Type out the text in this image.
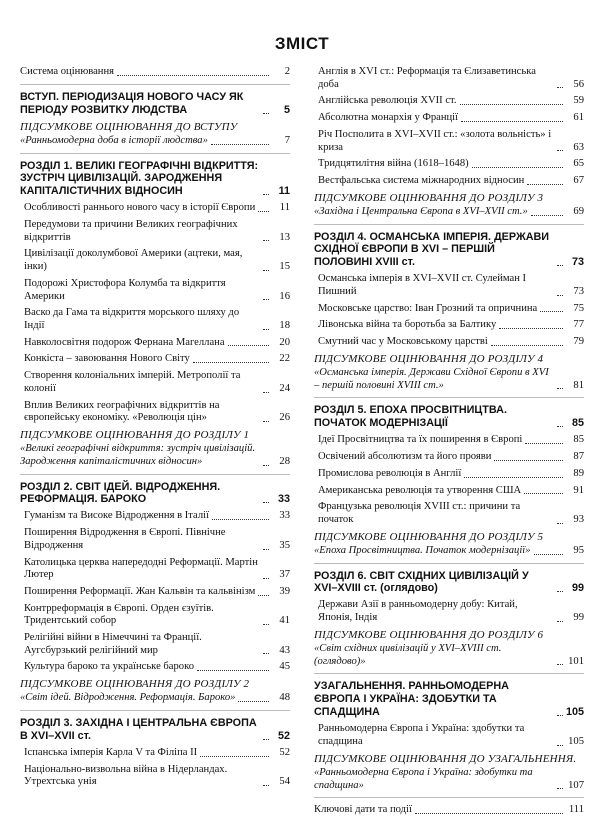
ЗМІСТ
Система оцінювання	2
ВСТУП. ПЕРІОДИЗАЦІЯ НОВОГО ЧАСУ ЯК ПЕРІОДУ РОЗВИТКУ ЛЮДСТВА	5
ПІДСУМКОВЕ ОЦІНЮВАННЯ ДО ВСТУПУ
«Ранньомодерна доба в історії людства»	7
РОЗДІЛ 1. ВЕЛИКІ ГЕОГРАФІЧНІ ВІДКРИТТЯ: ЗУСТРІЧ ЦИВІЛІЗАЦІЙ. ЗАРОДЖЕННЯ КАПІТАЛІСТИЧНИХ ВІДНОСИН	11
Особливості раннього нового часу в історії Європи	11
Передумови та причини Великих географічних відкриттів	13
Цивілізації доколумбової Америки (ацтеки, мая, інки)	15
Подорожі Христофора Колумба та відкриття Америки	16
Васко да Гама та відкриття морського шляху до Індії	18
Навколосвітня подорож Фернана Магеллана	20
Конкіста – завоювання Нового Світу	22
Створення колоніальних імперій. Метрополії та колонії	24
Вплив Великих географічних відкриттів на європейську економіку. «Революція цін»	26
ПІДСУМКОВЕ ОЦІНЮВАННЯ ДО РОЗДІЛУ 1
«Великі географічні відкриття: зустріч цивілізацій. Зародження капіталістичних відносин»	28
РОЗДІЛ 2. СВІТ ІДЕЙ. ВІДРОДЖЕННЯ. РЕФОРМАЦІЯ. БАРОКО	33
Гуманізм та Високе Відродження в Італії	33
Поширення Відродження в Європі. Північне Відродження	35
Католицька церква напередодні Реформації. Мартін Лютер	37
Поширення Реформації. Жан Кальвін та кальвінізм	39
Контрреформація в Європі. Орден єзуїтів. Тридентський собор	41
Релігійні війни в Німеччині та Франції. Аугсбурзький релігійний мир	43
Культура бароко та українське бароко	45
ПІДСУМКОВЕ ОЦІНЮВАННЯ ДО РОЗДІЛУ 2
«Світ ідей. Відродження. Реформація. Бароко»	48
РОЗДІЛ 3. ЗАХІДНА І ЦЕНТРАЛЬНА ЄВРОПА В XVI–XVII ст.	52
Іспанська імперія Карла V та Філіпа II	52
Національно-визвольна війна в Нідерландах. Утрехтська унія	54
Англія в XVI ст.: Реформація та Єлизаветинська доба	56
Англійська революція XVII ст.	59
Абсолютна монархія у Франції	61
Річ Посполита в XVI–XVII ст.: «золота вольність» і криза	63
Тридцятилітня війна (1618–1648)	65
Вестфальська система міжнародних відносин	67
ПІДСУМКОВЕ ОЦІНЮВАННЯ ДО РОЗДІЛУ 3
«Західна і Центральна Європа в XVI–XVII ст.»	69
РОЗДІЛ 4. ОСМАНСЬКА ІМПЕРІЯ. ДЕРЖАВИ СХІДНОЇ ЄВРОПИ В XVI – ПЕРШІЙ ПОЛОВИНІ XVIII ст.	73
Османська імперія в XVI–XVII ст. Сулейман I Пишний	73
Московське царство: Іван Грозний та опричнина	75
Лівонська війна та боротьба за Балтику	77
Смутний час у Московському царстві	79
ПІДСУМКОВЕ ОЦІНЮВАННЯ ДО РОЗДІЛУ 4
«Османська імперія. Держави Східної Європи в XVI – першій половині XVIII ст.»	81
РОЗДІЛ 5. ЕПОХА ПРОСВІТНИЦТВА. ПОЧАТОК МОДЕРНІЗАЦІЇ	85
Ідеї Просвітництва та їх поширення в Європі	85
Освічений абсолютизм та його прояви	87
Промислова революція в Англії	89
Американська революція та утворення США	91
Французька революція XVIII ст.: причини та початок	93
ПІДСУМКОВЕ ОЦІНЮВАННЯ ДО РОЗДІЛУ 5
«Епоха Просвітництва. Початок модернізації»	95
РОЗДІЛ 6. СВІТ СХІДНИХ ЦИВІЛІЗАЦІЙ У XVI–XVIII ст. (оглядово)	99
Держави Азії в ранньомодерну добу: Китай, Японія, Індія	99
ПІДСУМКОВЕ ОЦІНЮВАННЯ ДО РОЗДІЛУ 6
«Світ східних цивілізацій у XVI–XVIII ст. (оглядово)»	101
УЗАГАЛЬНЕННЯ. РАННЬОМОДЕРНА ЄВРОПА І УКРАЇНА: ЗДОБУТКИ ТА СПАДЩИНА	105
Ранньомодерна Європа і Україна: здобутки та спадщина	105
ПІДСУМКОВЕ ОЦІНЮВАННЯ ДО УЗАГАЛЬНЕННЯ.
«Ранньомодерна Європа і Україна: здобутки та спадщина»	107
Ключові дати та події	111
